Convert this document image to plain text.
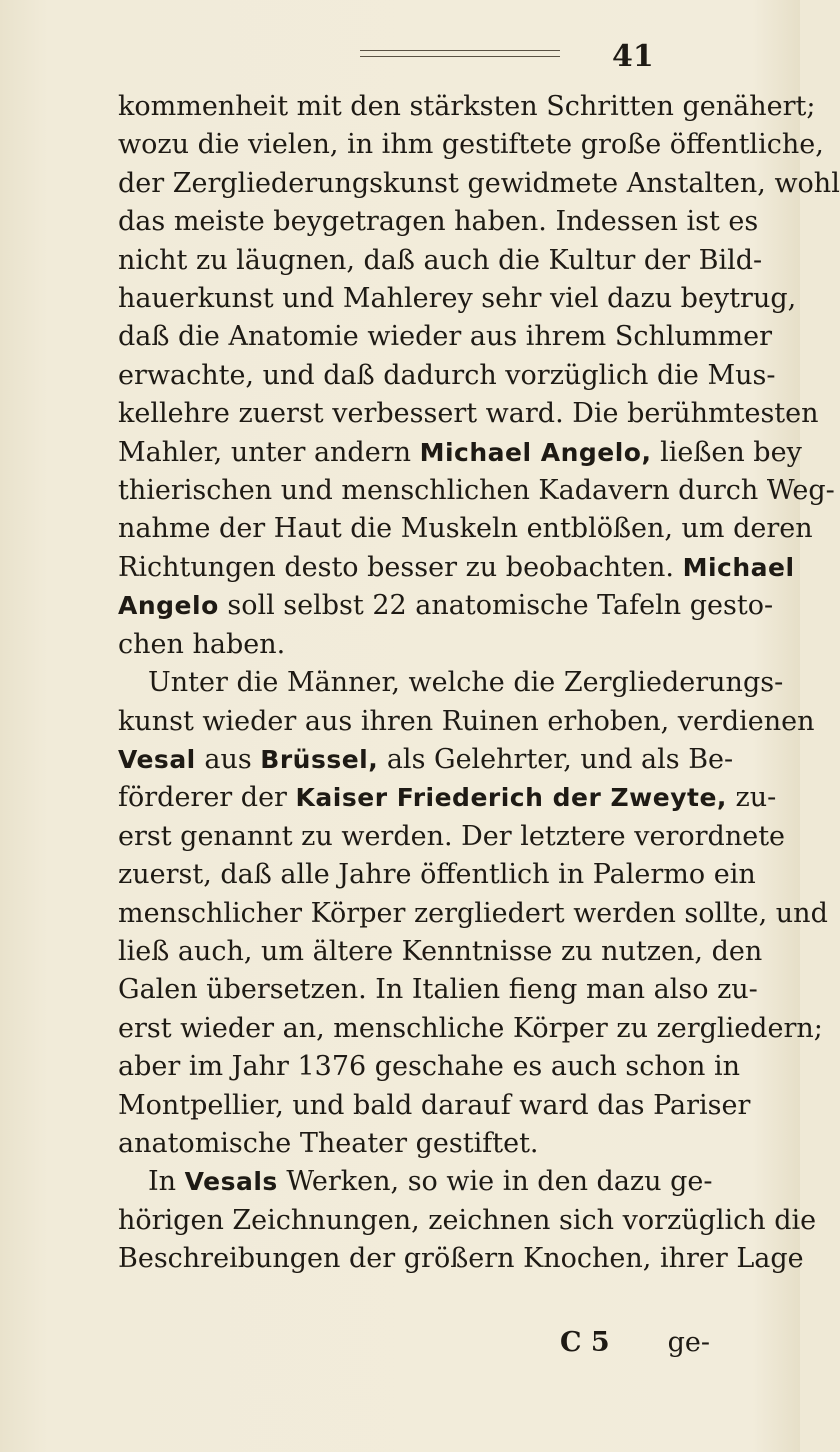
41
kommenheit mit den stärksten Schritten genähert;
wozu die vielen, in ihm gestiftete große öffentliche,
der Zergliederungskunst gewidmete Anstalten, wohl
das meiste beygetragen haben. Indessen ist es
nicht zu läugnen, daß auch die Kultur der Bild-
hauerkunst und Mahlerey sehr viel dazu beytrug,
daß die Anatomie wieder aus ihrem Schlummer
erwachte, und daß dadurch vorzüglich die Mus-
kellehre zuerst verbessert ward. Die berühmtesten
Mahler, unter andern Michael Angelo, ließen bey
thierischen und menschlichen Kadavern durch Weg-
nahme der Haut die Muskeln entblößen, um deren
Richtungen desto besser zu beobachten. Michael
Angelo soll selbst 22 anatomische Tafeln gesto-
chen haben.
Unter die Männer, welche die Zergliederungs-
kunst wieder aus ihren Ruinen erhoben, verdienen
Vesal aus Brüssel, als Gelehrter, und als Be-
förderer der Kaiser Friederich der Zweyte, zu-
erst genannt zu werden. Der letztere verordnete
zuerst, daß alle Jahre öffentlich in Palermo ein
menschlicher Körper zergliedert werden sollte, und
ließ auch, um ältere Kenntnisse zu nutzen, den
Galen übersetzen. In Italien fieng man also zu-
erst wieder an, menschliche Körper zu zergliedern;
aber im Jahr 1376 geschahe es auch schon in
Montpellier, und bald darauf ward das Pariser
anatomische Theater gestiftet.
In Vesals Werken, so wie in den dazu ge-
hörigen Zeichnungen, zeichnen sich vorzüglich die
Beschreibungen der größern Knochen, ihrer Lage
C 5 ge-
